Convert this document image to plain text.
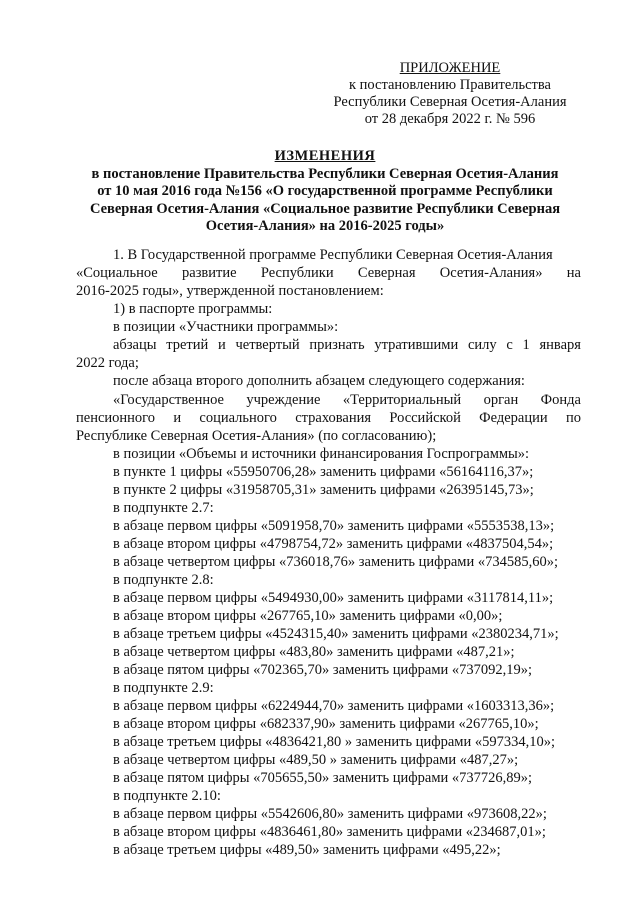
ПРИЛОЖЕНИЕ
к постановлению Правительства
Республики Северная Осетия-Алания
от 28 декабря 2022 г. № 596
ИЗМЕНЕНИЯ
в постановление Правительства Республики Северная Осетия-Алания
от 10 мая 2016 года №156 «О государственной программе Республики
Северная Осетия-Алания «Социальное развитие Республики Северная
Осетия-Алания» на 2016-2025 годы»
1. В Государственной программе Республики Северная Осетия-Алания
«Социальное развитие Республики Северная Осетия-Алания» на
2016-2025 годы», утвержденной постановлением:
1) в паспорте программы:
в позиции «Участники программы»:
абзацы третий и четвертый признать утратившими силу с 1 января
2022 года;
после абзаца второго дополнить абзацем следующего содержания:
«Государственное учреждение «Территориальный орган Фонда
пенсионного и социального страхования Российской Федерации по
Республике Северная Осетия-Алания» (по согласованию);
в позиции «Объемы и источники финансирования Госпрограммы»:
в пункте 1 цифры «55950706,28» заменить цифрами «56164116,37»;
в пункте 2 цифры «31958705,31» заменить цифрами «26395145,73»;
в подпункте 2.7:
в абзаце первом цифры «5091958,70» заменить цифрами «5553538,13»;
в абзаце втором цифры «4798754,72» заменить цифрами «4837504,54»;
в абзаце четвертом цифры «736018,76» заменить цифрами «734585,60»;
в подпункте 2.8:
в абзаце первом цифры «5494930,00» заменить цифрами «3117814,11»;
в абзаце втором цифры «267765,10» заменить цифрами «0,00»;
в абзаце третьем цифры «4524315,40» заменить цифрами «2380234,71»;
в абзаце четвертом цифры «483,80» заменить цифрами «487,21»;
в абзаце пятом цифры «702365,70» заменить цифрами «737092,19»;
в подпункте 2.9:
в абзаце первом цифры «6224944,70» заменить цифрами «1603313,36»;
в абзаце втором цифры «682337,90» заменить цифрами «267765,10»;
в абзаце третьем цифры «4836421,80 » заменить цифрами «597334,10»;
в абзаце четвертом цифры «489,50 » заменить цифрами «487,27»;
в абзаце пятом цифры «705655,50» заменить цифрами «737726,89»;
в подпункте 2.10:
в абзаце первом цифры «5542606,80» заменить цифрами «973608,22»;
в абзаце втором цифры «4836461,80» заменить цифрами «234687,01»;
в абзаце третьем цифры «489,50» заменить цифрами «495,22»;
